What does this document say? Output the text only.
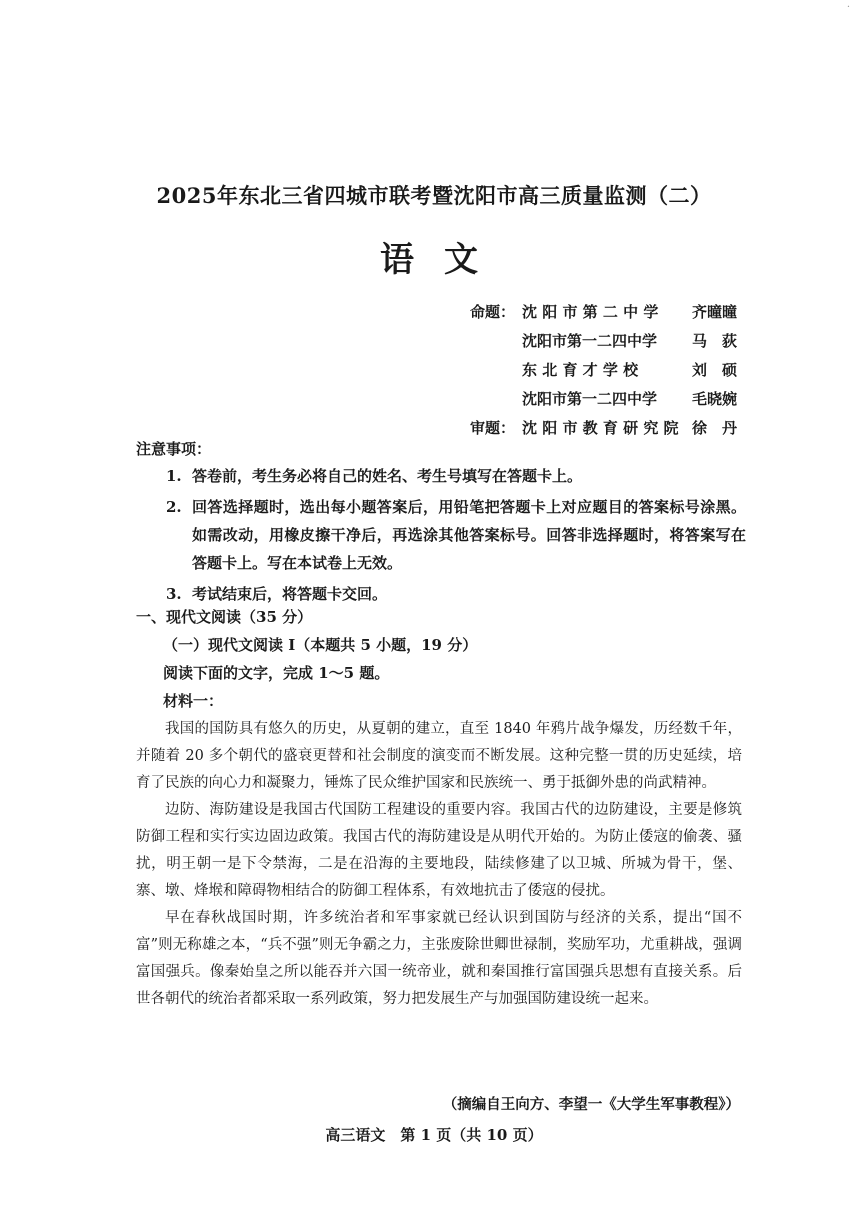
·
2025年东北三省四城市联考暨沈阳市高三质量监测（二）
语文
命题： 沈 阳 市 第 二 中 学	齐曈曈
沈阳市第一二四中学	马　荻
东 北 育 才 学 校	刘　硕
沈阳市第一二四中学	毛晓婉
审题： 沈 阳 市 教 育 研 究 院 徐　丹
注意事项：
1. 答卷前，考生务必将自己的姓名、考生号填写在答题卡上。
2. 回答选择题时，选出每小题答案后，用铅笔把答题卡上对应题目的答案标号涂黑。如需改动，用橡皮擦干净后，再选涂其他答案标号。回答非选择题时，将答案写在答题卡上。写在本试卷上无效。
3. 考试结束后，将答题卡交回。
一、现代文阅读（35 分）
（一）现代文阅读 Ⅰ（本题共 5 小题，19 分）
阅读下面的文字，完成 1～5 题。
材料一：

我国的国防具有悠久的历史，从夏朝的建立，直至 1840 年鸦片战争爆发，历经数千年，并随着 20 多个朝代的盛衰更替和社会制度的演变而不断发展。这种完整一贯的历史延续，培育了民族的向心力和凝聚力，锤炼了民众维护国家和民族统一、勇于抵御外患的尚武精神。

边防、海防建设是我国古代国防工程建设的重要内容。我国古代的边防建设，主要是修筑防御工程和实行实边固边政策。我国古代的海防建设是从明代开始的。为防止倭寇的偷袭、骚扰，明王朝一是下令禁海，二是在沿海的主要地段，陆续修建了以卫城、所城为骨干，堡、寨、墩、烽堠和障碍物相结合的防御工程体系，有效地抗击了倭寇的侵扰。

早在春秋战国时期，许多统治者和军事家就已经认识到国防与经济的关系，提出“国不富”则无称雄之本，“兵不强”则无争霸之力，主张废除世卿世禄制，奖励军功，尤重耕战，强调富国强兵。像秦始皇之所以能吞并六国一统帝业，就和秦国推行富国强兵思想有直接关系。后世各朝代的统治者都采取一系列政策，努力把发展生产与加强国防建设统一起来。

（摘编自王向方、李望一《大学生军事教程》）
高三语文　第 1 页（共 10 页）
